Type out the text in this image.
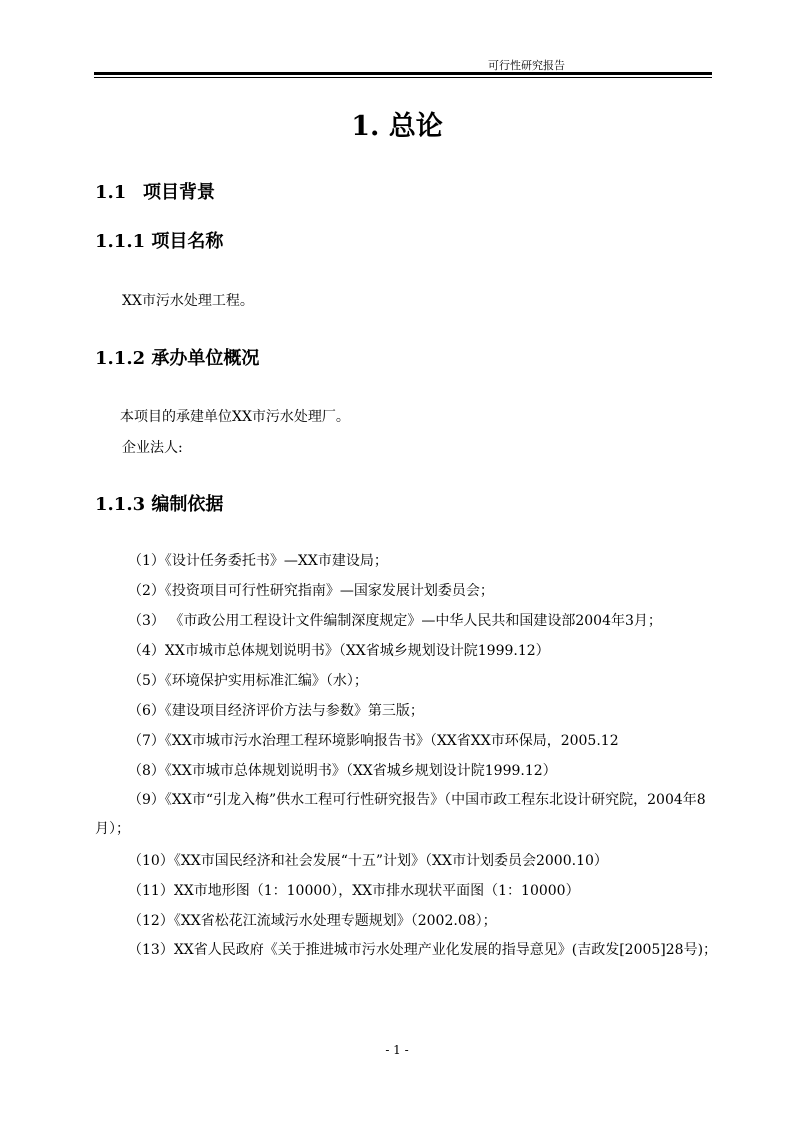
可行性研究报告
1. 总论
1.1 项目背景
1.1.1 项目名称
XX市污水处理工程。
1.1.2 承办单位概况
本项目的承建单位XX市污水处理厂。
企业法人:
1.1.3 编制依据
（1）《设计任务委托书》—XX市建设局；
（2）《投资项目可行性研究指南》—国家发展计划委员会；
（3） 《市政公用工程设计文件编制深度规定》—中华人民共和国建设部2004年3月；
（4）XX市城市总体规划说明书》（XX省城乡规划设计院1999.12）
（5）《环境保护实用标准汇编》（水）；
（6）《建设项目经济评价方法与参数》第三版；
（7）《XX市城市污水治理工程环境影响报告书》（XX省XX市环保局，2005.12
（8）《XX市城市总体规划说明书》（XX省城乡规划设计院1999.12）
（9）《XX市“引龙入梅”供水工程可行性研究报告》（中国市政工程东北设计研究院，2004年8月）；
（10）《XX市国民经济和社会发展“十五”计划》（XX市计划委员会2000.10）
（11）XX市地形图（1：10000），XX市排水现状平面图（1：10000）
（12）《XX省松花江流域污水处理专题规划》（2002.08）；
（13）XX省人民政府《关于推进城市污水处理产业化发展的指导意见》(吉政发[2005]28号)；
- 1 -
